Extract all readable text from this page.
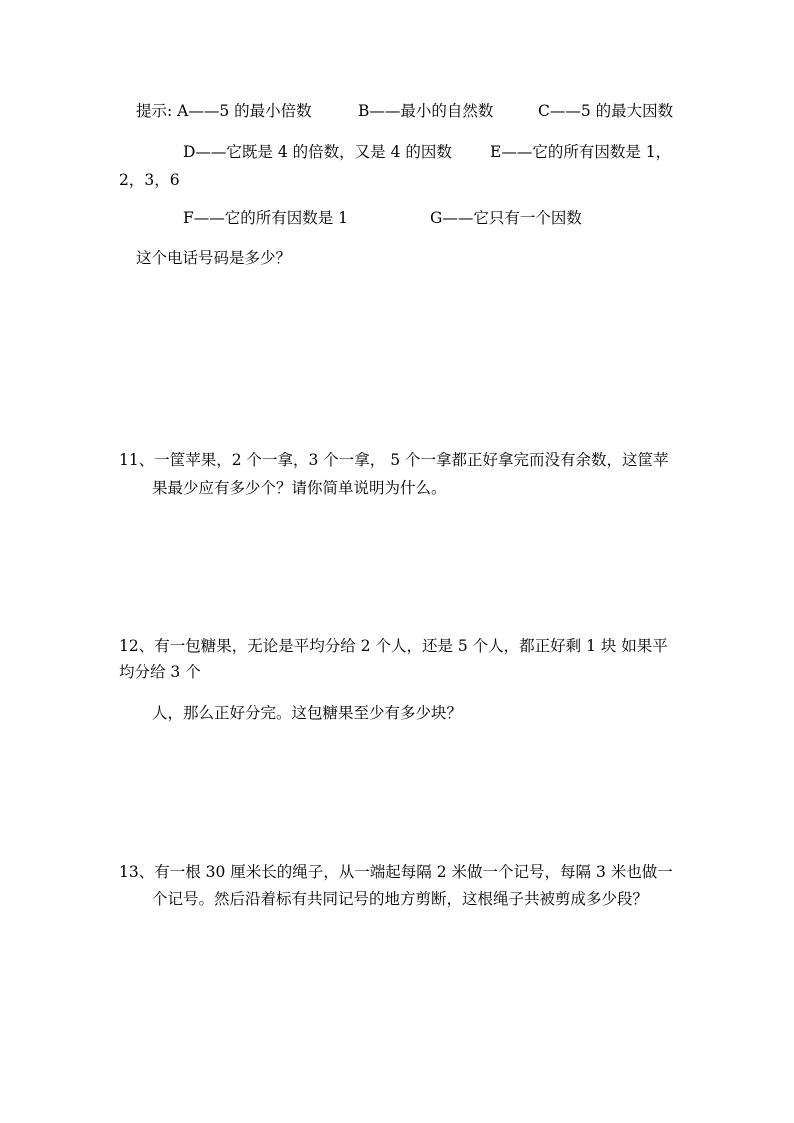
提示: A——5 的最小倍数	B——最小的自然数	C——5 的最大因数
D——它既是 4 的倍数，又是 4 的因数 E——它的所有因数是 1，
2，3，6
F——它的所有因数是 1	G——它只有一个因数
这个电话号码是多少？
11、一筐苹果，2 个一拿，3 个一拿， 5 个一拿都正好拿完而没有余数，这筐苹
果最少应有多少个？请你简单说明为什么。
12、有一包糖果，无论是平均分给 2 个人，还是 5 个人，都正好剩 1 块 如果平
均分给 3 个
人，那么正好分完。这包糖果至少有多少块？
13、有一根 30 厘米长的绳子，从一端起每隔 2 米做一个记号，每隔 3 米也做一
个记号。然后沿着标有共同记号的地方剪断，这根绳子共被剪成多少段？
